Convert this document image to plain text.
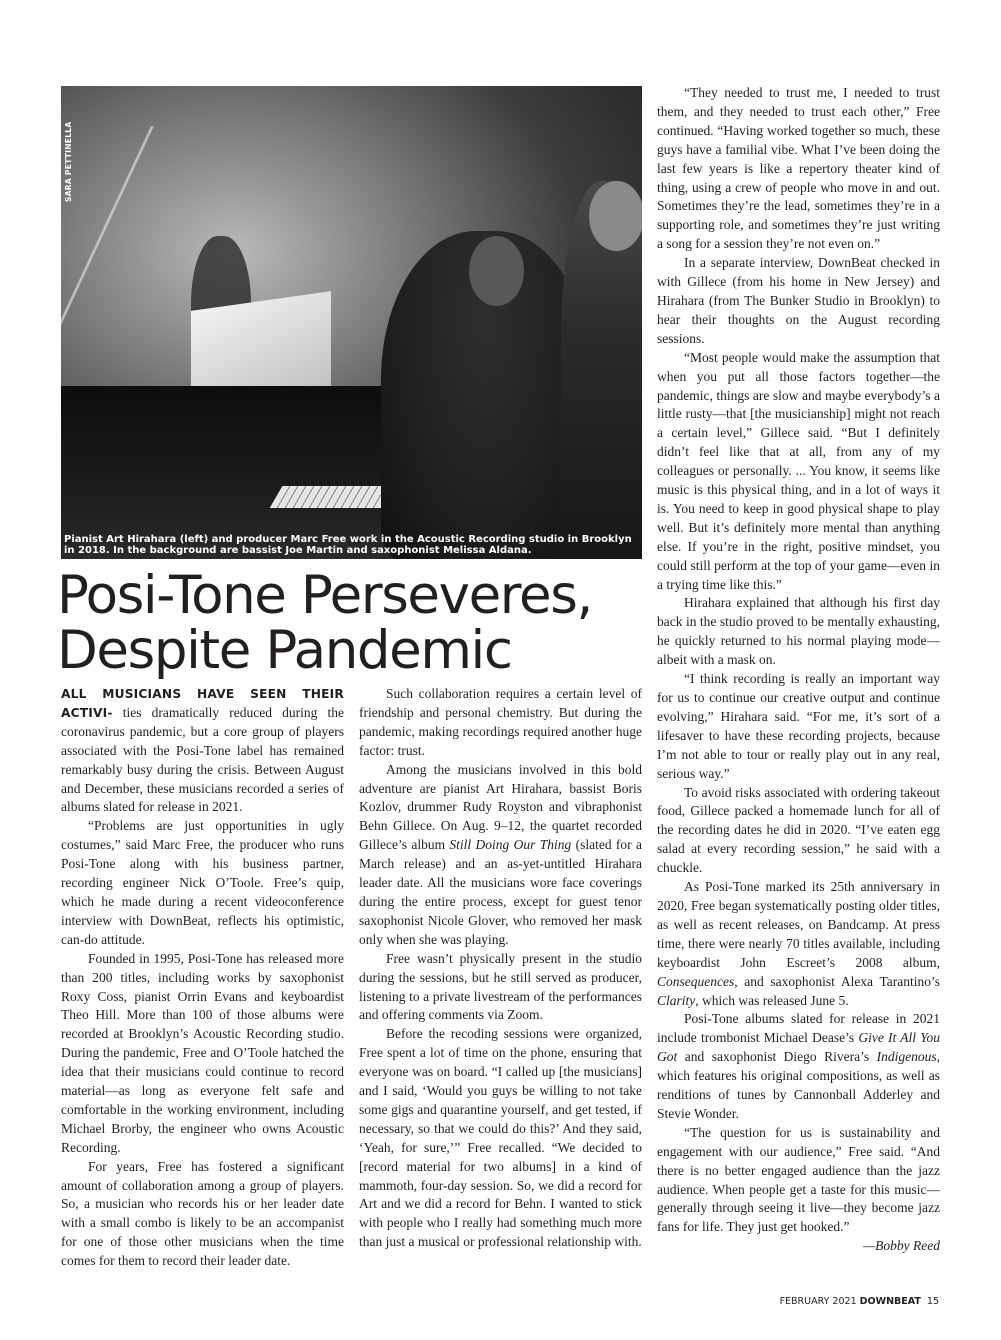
SARA PETTINELLA
Pianist Art Hirahara (left) and producer Marc Free work in the Acoustic Recording studio in Brooklyn in 2018. In the background are bassist Joe Martin and saxophonist Melissa Aldana.
Posi-Tone Perseveres,
Despite Pandemic

ALL MUSICIANS HAVE SEEN THEIR ACTIVI- ties dramatically reduced during the coronavirus pandemic, but a core group of players associated with the Posi-Tone label has remained remarkably busy during the crisis. Between August and December, these musicians recorded a series of albums slated for release in 2021.

“Problems are just opportunities in ugly costumes,” said Marc Free, the producer who runs Posi-Tone along with his business partner, recording engineer Nick O’Toole. Free’s quip, which he made during a recent videoconference interview with DownBeat, reflects his optimistic, can-do attitude.

Founded in 1995, Posi-Tone has released more than 200 titles, including works by saxophonist Roxy Coss, pianist Orrin Evans and keyboardist Theo Hill. More than 100 of those albums were recorded at Brooklyn’s Acoustic Recording studio. During the pandemic, Free and O’Toole hatched the idea that their musicians could continue to record material—as long as everyone felt safe and comfortable in the working environment, including Michael Brorby, the engineer who owns Acoustic Recording.

For years, Free has fostered a significant amount of collaboration among a group of players. So, a musician who records his or her leader date with a small combo is likely to be an accompanist for one of those other musicians when the time comes for them to record their leader date.

Such collaboration requires a certain level of friendship and personal chemistry. But during the pandemic, making recordings required another huge factor: trust.

Among the musicians involved in this bold adventure are pianist Art Hirahara, bassist Boris Kozlov, drummer Rudy Royston and vibraphonist Behn Gillece. On Aug. 9–12, the quartet recorded Gillece’s album Still Doing Our Thing (slated for a March release) and an as-yet-untitled Hirahara leader date. All the musicians wore face coverings during the entire process, except for guest tenor saxophonist Nicole Glover, who removed her mask only when she was playing.

Free wasn’t physically present in the studio during the sessions, but he still served as producer, listening to a private livestream of the performances and offering comments via Zoom.

Before the recoding sessions were organized, Free spent a lot of time on the phone, ensuring that everyone was on board. “I called up [the musicians] and I said, ‘Would you guys be willing to not take some gigs and quarantine yourself, and get tested, if necessary, so that we could do this?’ And they said, ‘Yeah, for sure,’” Free recalled. “We decided to [record material for two albums] in a kind of mammoth, four-day session. So, we did a record for Art and we did a record for Behn. I wanted to stick with people who I really had something much more than just a musical or professional relationship with.

“They needed to trust me, I needed to trust them, and they needed to trust each other,” Free continued. “Having worked together so much, these guys have a familial vibe. What I’ve been doing the last few years is like a repertory theater kind of thing, using a crew of people who move in and out. Sometimes they’re the lead, sometimes they’re in a supporting role, and sometimes they’re just writing a song for a session they’re not even on.”

In a separate interview, DownBeat checked in with Gillece (from his home in New Jersey) and Hirahara (from The Bunker Studio in Brooklyn) to hear their thoughts on the August recording sessions.

“Most people would make the assumption that when you put all those factors together—the pandemic, things are slow and maybe everybody’s a little rusty—that [the musicianship] might not reach a certain level,” Gillece said. “But I definitely didn’t feel like that at all, from any of my colleagues or personally. ... You know, it seems like music is this physical thing, and in a lot of ways it is. You need to keep in good physical shape to play well. But it’s definitely more mental than anything else. If you’re in the right, positive mindset, you could still perform at the top of your game—even in a trying time like this.”

Hirahara explained that although his first day back in the studio proved to be mentally exhausting, he quickly returned to his normal playing mode—albeit with a mask on.

“I think recording is really an important way for us to continue our creative output and continue evolving,” Hirahara said. “For me, it’s sort of a lifesaver to have these recording projects, because I’m not able to tour or really play out in any real, serious way.”

To avoid risks associated with ordering takeout food, Gillece packed a homemade lunch for all of the recording dates he did in 2020. “I’ve eaten egg salad at every recording session,” he said with a chuckle.

As Posi-Tone marked its 25th anniversary in 2020, Free began systematically posting older titles, as well as recent releases, on Bandcamp. At press time, there were nearly 70 titles available, including keyboardist John Escreet’s 2008 album, Consequences, and saxophonist Alexa Tarantino’s Clarity, which was released June 5.

Posi-Tone albums slated for release in 2021 include trombonist Michael Dease’s Give It All You Got and saxophonist Diego Rivera’s Indigenous, which features his original compositions, as well as renditions of tunes by Cannonball Adderley and Stevie Wonder.

“The question for us is sustainability and engagement with our audience,” Free said. “And there is no better engaged audience than the jazz audience. When people get a taste for this music—generally through seeing it live—they become jazz fans for life. They just get hooked.”

—Bobby Reed

FEBRUARY 2021 DOWNBEAT 15
